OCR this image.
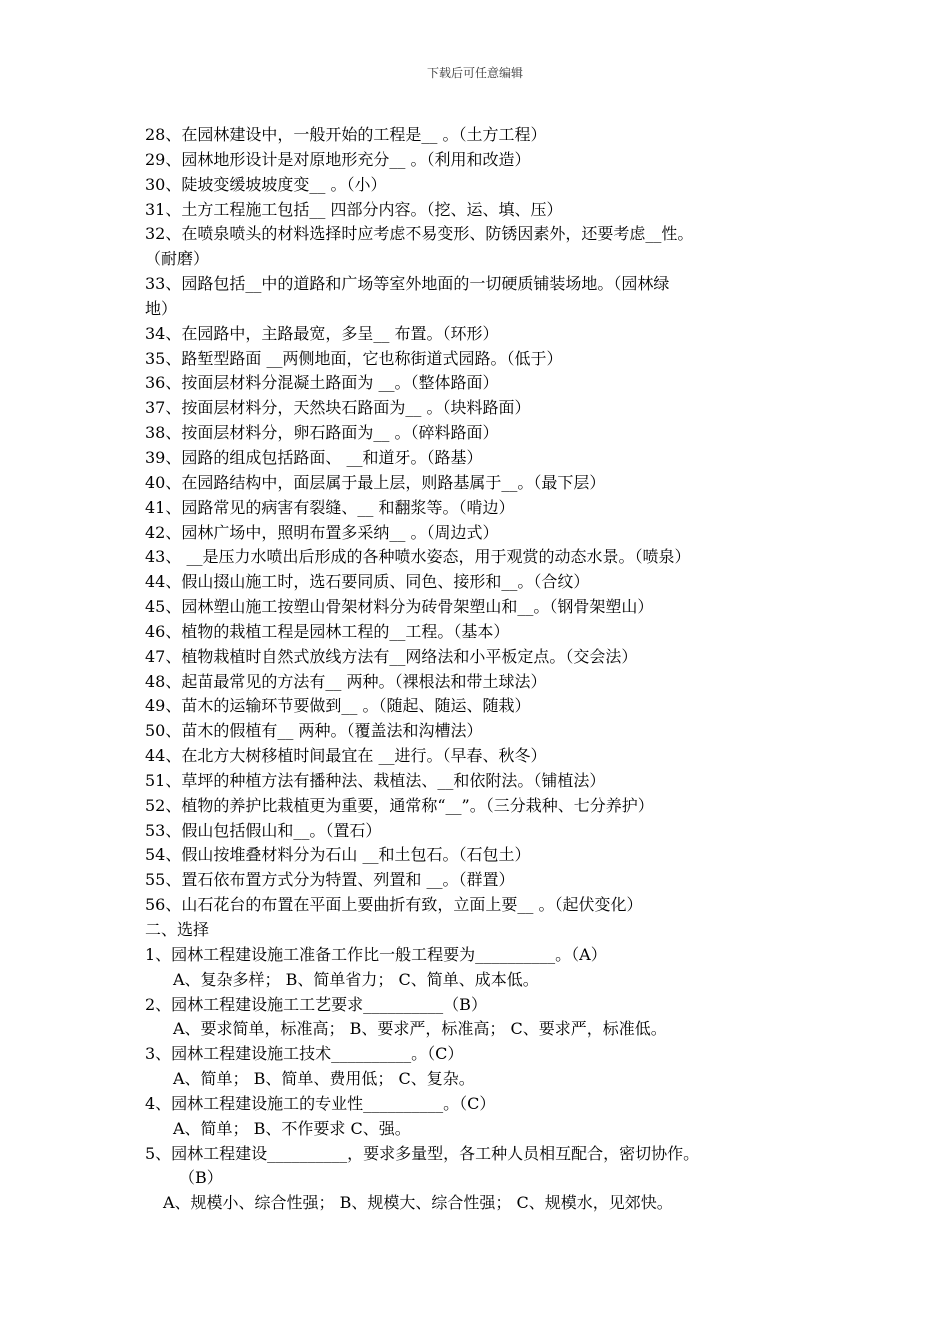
下载后可任意编辑
28、在园林建设中，一般开始的工程是__ 。（土方工程）
29、园林地形设计是对原地形充分__ 。（利用和改造）
30、陡坡变缓坡坡度变__ 。（小）
31、土方工程施工包括__ 四部分内容。（挖、运、填、压）
32、在喷泉喷头的材料选择时应考虑不易变形、防锈因素外，还要考虑__性。
（耐磨）
33、园路包括__中的道路和广场等室外地面的一切硬质铺装场地。（园林绿
地）
34、在园路中，主路最宽，多呈__ 布置。（环形）
35、路堑型路面 __两侧地面，它也称街道式园路。（低于）
36、按面层材料分混凝土路面为 __。（整体路面）
37、按面层材料分，天然块石路面为__ 。（块料路面）
38、按面层材料分，卵石路面为__ 。（碎料路面）
39、园路的组成包括路面、 __和道牙。（路基）
40、在园路结构中，面层属于最上层，则路基属于__。（最下层）
41、园路常见的病害有裂缝、__ 和翻浆等。（啃边）
42、园林广场中，照明布置多采纳__ 。（周边式）
43、 __是压力水喷出后形成的各种喷水姿态，用于观赏的动态水景。（喷泉）
44、假山掇山施工时，选石要同质、同色、接形和__。（合纹）
45、园林塑山施工按塑山骨架材料分为砖骨架塑山和__。（钢骨架塑山）
46、植物的栽植工程是园林工程的__工程。（基本）
47、植物栽植时自然式放线方法有__网络法和小平板定点。（交会法）
48、起苗最常见的方法有__ 两种。（裸根法和带土球法）
49、苗木的运输环节要做到__ 。（随起、随运、随栽）
50、苗木的假植有__ 两种。（覆盖法和沟槽法）
44、在北方大树移植时间最宜在 __进行。（早春、秋冬）
51、草坪的种植方法有播种法、栽植法、__和依附法。（铺植法）
52、植物的养护比栽植更为重要，通常称“__”。（三分栽种、七分养护）
53、假山包括假山和__。（置石）
54、假山按堆叠材料分为石山 __和土包石。（石包土）
55、置石依布置方式分为特置、列置和 __。（群置）
56、山石花台的布置在平面上要曲折有致，立面上要__ 。（起伏变化）
二、选择
1、园林工程建设施工准备工作比一般工程要为__________。（A）
A、复杂多样； B、简单省力； C、简单、成本低。
2、园林工程建设施工工艺要求__________（B）
A、要求简单，标准高； B、要求严，标准高； C、要求严，标准低。
3、园林工程建设施工技术__________。（C）
A、简单； B、简单、费用低； C、复杂。
4、园林工程建设施工的专业性__________。（C）
A、简单； B、不作要求 C、强。
5、园林工程建设__________，要求多量型，各工种人员相互配合，密切协作。
（B）
A、规模小、综合性强； B、规模大、综合性强； C、规模水，见郊快。
